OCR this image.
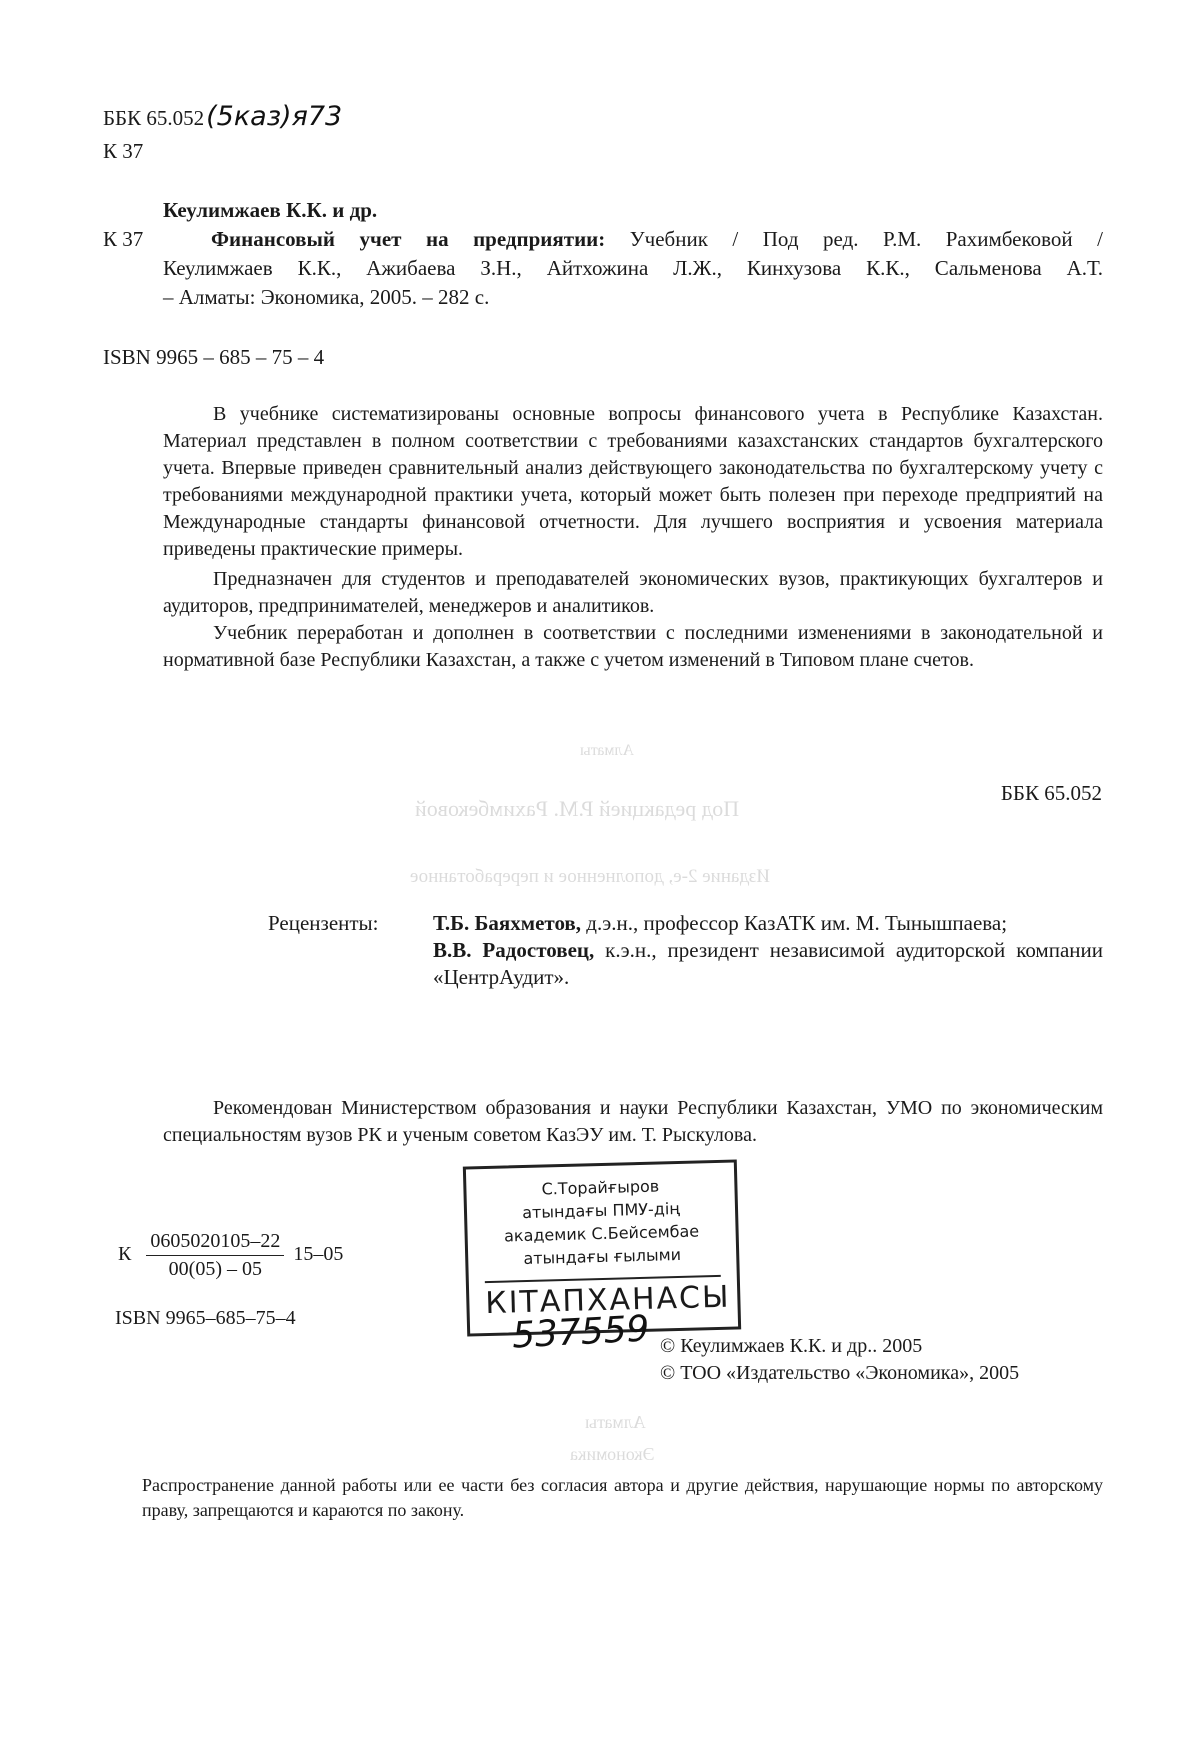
ББК 65.052(5каз)я73
К 37
Кеулимжаев К.К. и др.
К 37	Финансовый учет на предприятии: Учебник / Под ред. Р.М. Рахимбековой /
Кеулимжаев К.К., Ажибаева З.Н., Айтхожина Л.Ж., Кинхузова К.К., Сальменова А.Т.
– Алматы: Экономика, 2005. – 282 с.
ISBN 9965 – 685 – 75 – 4

В учебнике систематизированы основные вопросы финансового учета в Республике Казахстан. Материал представлен в полном соответствии с требованиями казахстанских стандартов бухгалтерского учета. Впервые приведен сравнительный анализ действующего законодательства по бухгалтерскому учету с требованиями международной практики учета, который может быть полезен при переходе предприятий на Международные стандарты финансовой отчетности. Для лучшего восприятия и усвоения материала приведены практические примеры.

Предназначен для студентов и преподавателей экономических вузов, практикующих бухгалтеров и аудиторов, предпринимателей, менеджеров и аналитиков.

Учебник переработан и дополнен в соответствии с последними изменениями в законодательной и нормативной базе Республики Казахстан, а также с учетом изменений в Типовом плане счетов.

Алматы
Под редакцией Р.М. Рахимбековой
Издание 2-е, дополненное и переработанное
ББК 65.052
Рецензенты:	Т.Б. Баяхметов, д.э.н., профессор КазАТК им. М. Тынышпаева;
В.В. Радостовец, к.э.н., президент независимой аудиторской компании «ЦентрАудит».

Рекомендован Министерством образования и науки Республики Казахстан, УМО по экономическим специальностям вузов РК и ученым советом КазЭУ им. Т. Рыскулова.

С.Торайғыров
атындағы ПМУ-дің
академик С.Бейсембае
атындағы ғылыми
КІТАПХАНАСЫ
537559
К $\frac{0605020105-22}{00(05) - 05} 15-05$
ISBN 9965–685–75–4
© Кеулимжаев К.К. и др.. 2005
© ТОО «Издательство «Экономика», 2005
Алматы
Экономика

Распространение данной работы или ее части без согласия автора и другие действия, нарушающие нормы по авторскому праву, запрещаются и караются по закону.
